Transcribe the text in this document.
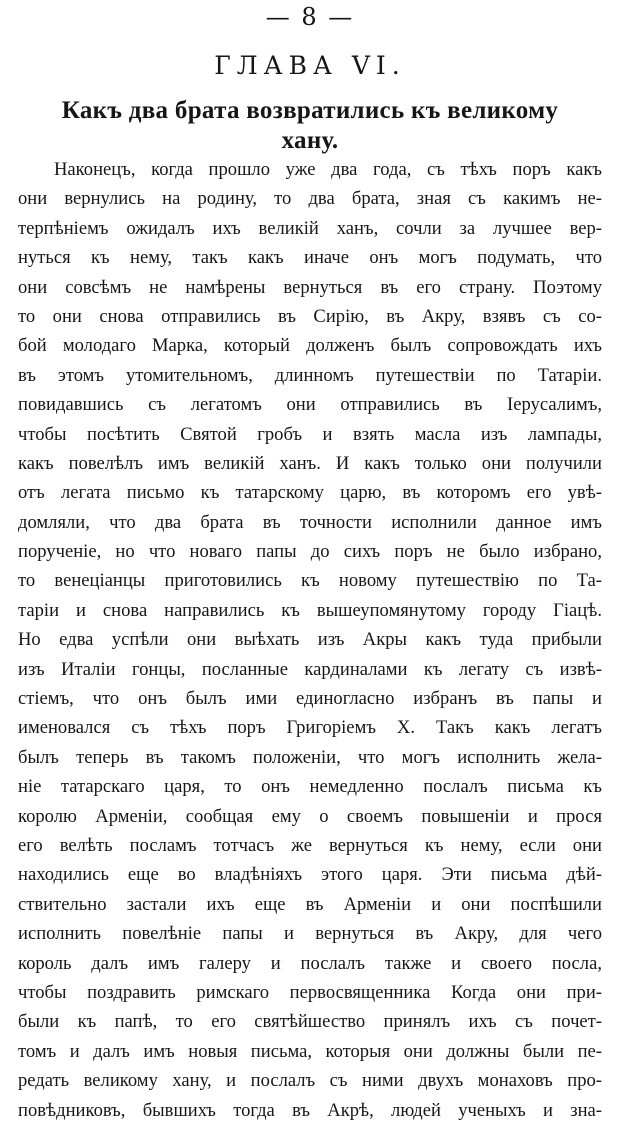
— 8 —
ГЛАВА VI.
Какъ два брата возвратились къ великому хану.
Наконецъ, когда прошло уже два года, съ тѣхъ поръ какъ
они вернулись на родину, то два брата, зная съ какимъ не-
терпѣніемъ ожидалъ ихъ великій ханъ, сочли за лучшее вер-
нуться къ нему, такъ какъ иначе онъ могъ подумать, что
они совсѣмъ не намѣрены вернуться въ его страну. Поэтому
то они снова отправились въ Сирію, въ Акру, взявъ съ со-
бой молодаго Марка, который долженъ былъ сопровождать ихъ
въ этомъ утомительномъ, длинномъ путешествіи по Татаріи.
повидавшись съ легатомъ они отправились въ Іерусалимъ,
чтобы посѣтить Святой гробъ и взять масла изъ лампады,
какъ повелѣлъ имъ великій ханъ. И какъ только они получили
отъ легата письмо къ татарскому царю, въ которомъ его увѣ-
домляли, что два брата въ точности исполнили данное имъ
порученіе, но что новаго папы до сихъ поръ не было избрано,
то венеціанцы приготовились къ новому путешествію по Та-
таріи и снова направились къ вышеупомянутому городу Гіацѣ.
Но едва успѣли они выѣхать изъ Акры какъ туда прибыли
изъ Италіи гонцы, посланные кардиналами къ легату съ извѣ-
стіемъ, что онъ былъ ими единогласно избранъ въ папы и
именовался съ тѣхъ поръ Григоріемъ X. Такъ какъ легатъ
былъ теперь въ такомъ положеніи, что могъ исполнить жела-
ніе татарскаго царя, то онъ немедленно послалъ письма къ
королю Арменіи, сообщая ему о своемъ повышеніи и прося
его велѣть посламъ тотчасъ же вернуться къ нему, если они
находились еще во владѣніяхъ этого царя. Эти письма дѣй-
ствительно застали ихъ еще въ Арменіи и они поспѣшили
исполнить повелѣніе папы и вернуться въ Акру, для чего
король далъ имъ галеру и послалъ также и своего посла,
чтобы поздравить римскаго первосвященника Когда они при-
были къ папѣ, то его святѣйшество принялъ ихъ съ почет-
томъ и далъ имъ новыя письма, которыя они должны были пе-
редать великому хану, и послалъ съ ними двухъ монаховъ про-
повѣдниковъ, бывшихъ тогда въ Акрѣ, людей ученыхъ и зна-
